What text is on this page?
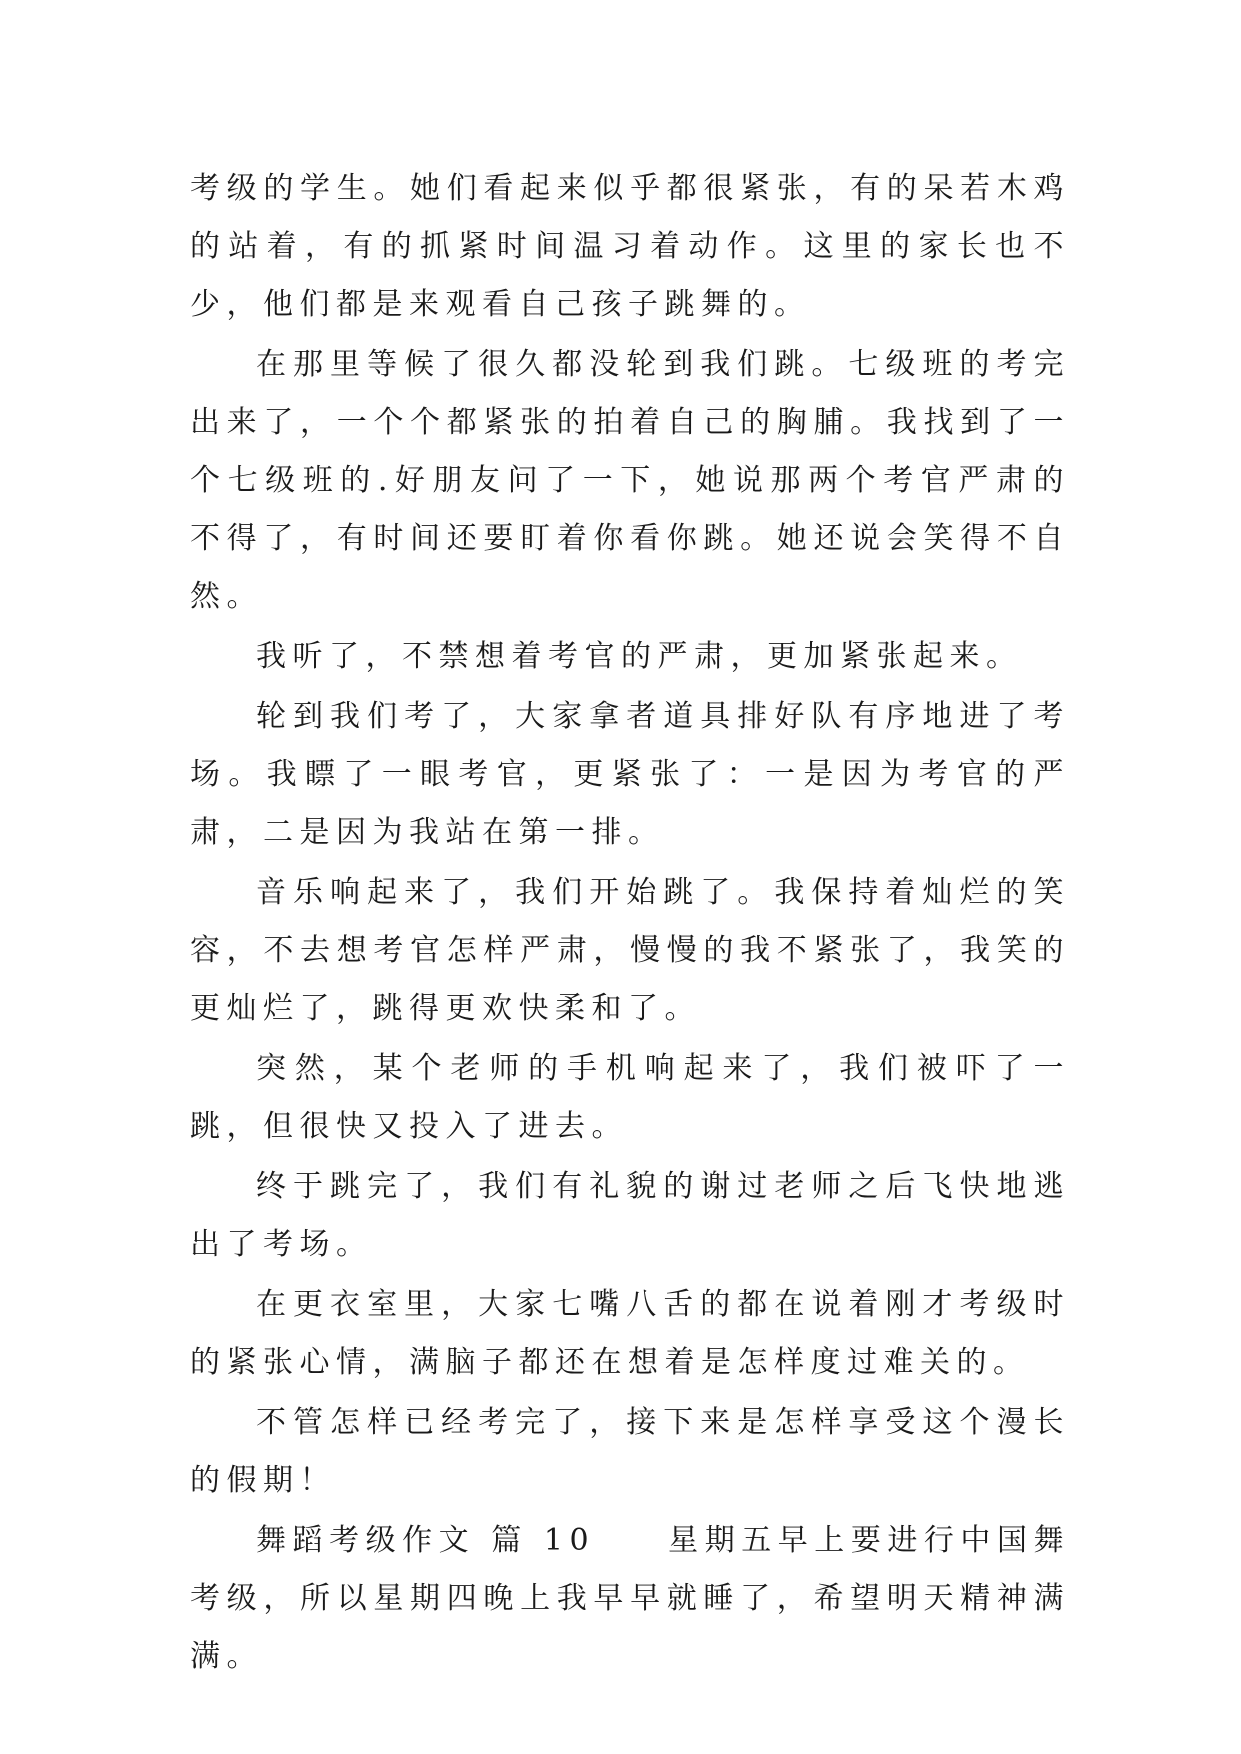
考级的学生。她们看起来似乎都很紧张，有的呆若木鸡的站着，有的抓紧时间温习着动作。这里的家长也不少，他们都是来观看自己孩子跳舞的。

在那里等候了很久都没轮到我们跳。七级班的考完出来了，一个个都紧张的拍着自己的胸脯。我找到了一个七级班的.好朋友问了一下，她说那两个考官严肃的不得了，有时间还要盯着你看你跳。她还说会笑得不自然。

我听了，不禁想着考官的严肃，更加紧张起来。

轮到我们考了，大家拿者道具排好队有序地进了考场。我瞟了一眼考官，更紧张了：一是因为考官的严肃，二是因为我站在第一排。

音乐响起来了，我们开始跳了。我保持着灿烂的笑容，不去想考官怎样严肃，慢慢的我不紧张了，我笑的更灿烂了，跳得更欢快柔和了。

突然，某个老师的手机响起来了，我们被吓了一跳，但很快又投入了进去。

终于跳完了，我们有礼貌的谢过老师之后飞快地逃出了考场。

在更衣室里，大家七嘴八舌的都在说着刚才考级时的紧张心情，满脑子都还在想着是怎样度过难关的。

不管怎样已经考完了，接下来是怎样享受这个漫长的假期！

舞蹈考级作文 篇 10　　星期五早上要进行中国舞考级，所以星期四晚上我早早就睡了，希望明天精神满满。
